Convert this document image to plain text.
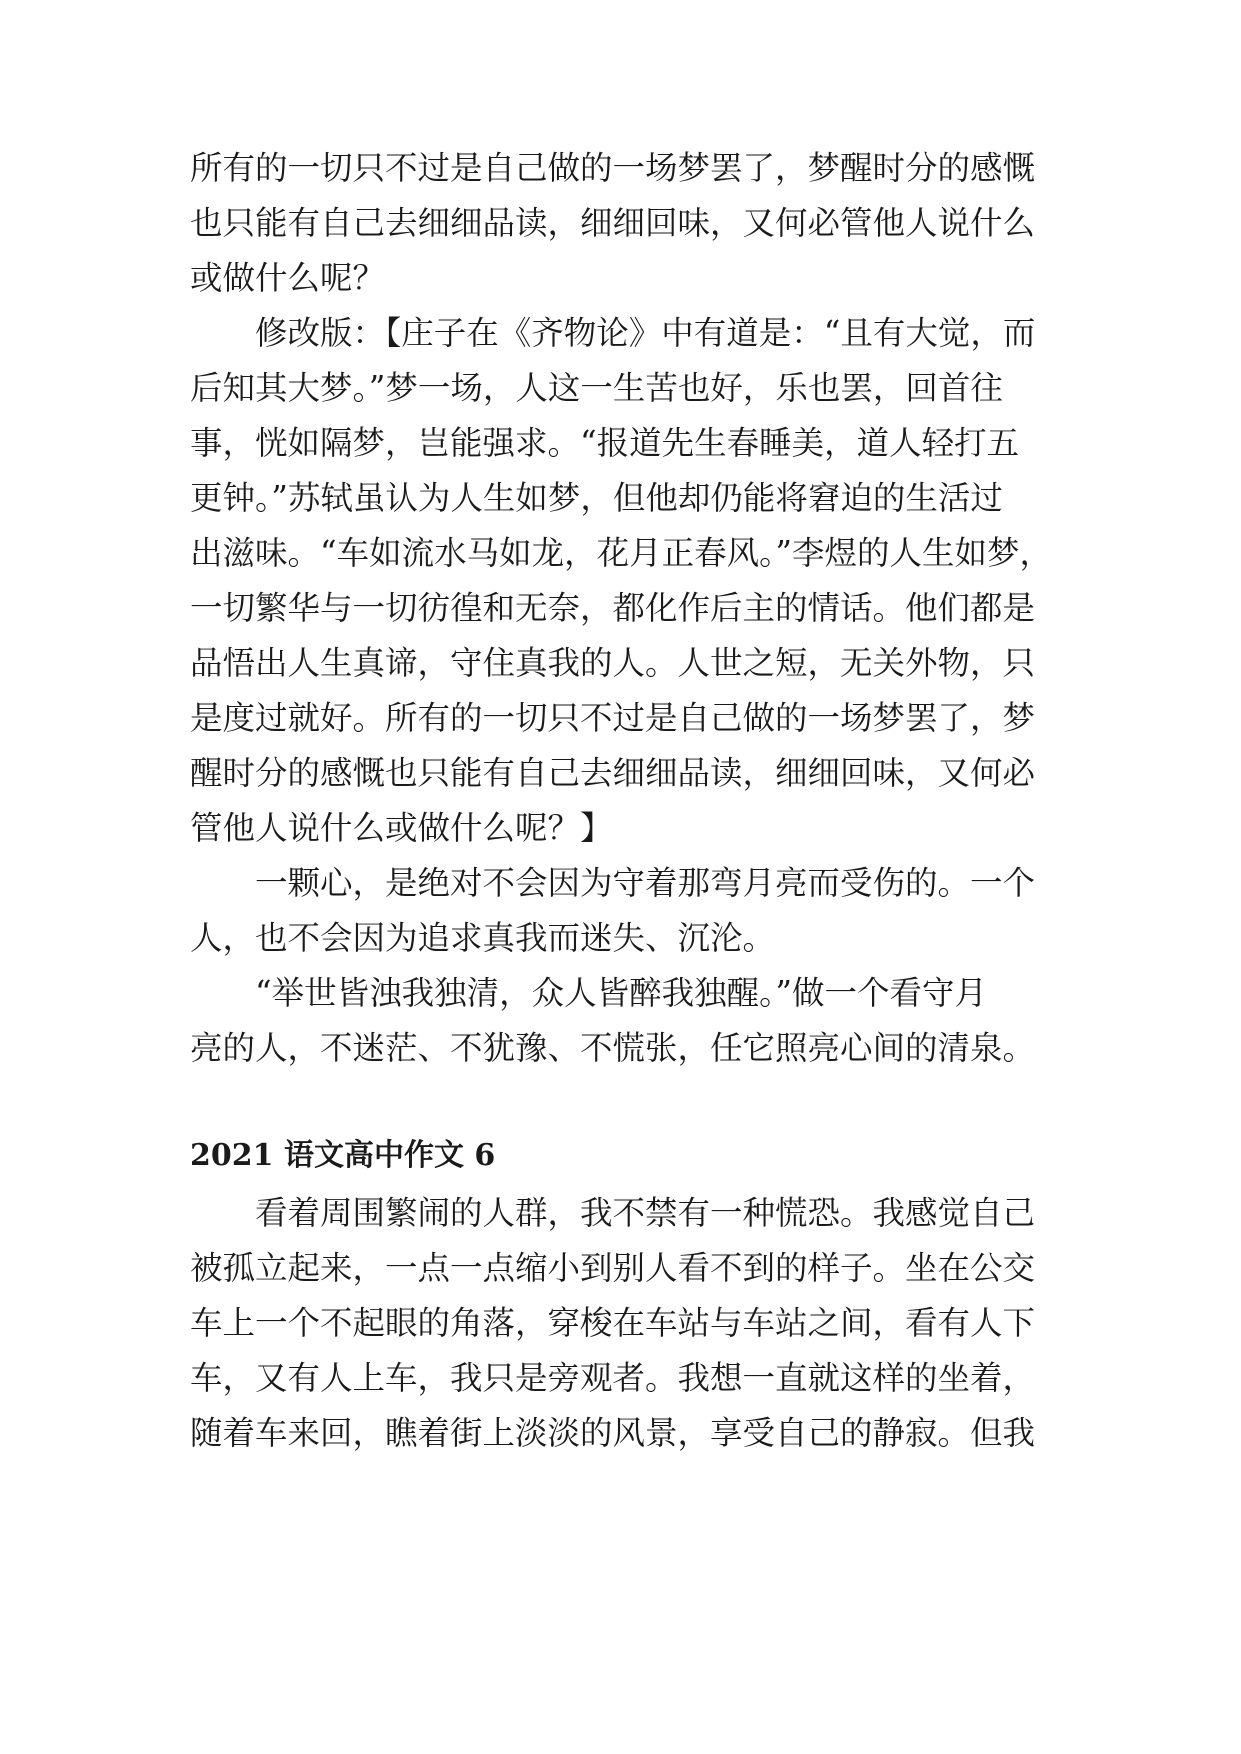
所有的一切只不过是自己做的一场梦罢了，梦醒时分的感慨

也只能有自己去细细品读，细细回味，又何必管他人说什么

或做什么呢？

　　修改版：【庄子在《齐物论》中有道是：“且有大觉，而

后知其大梦。”梦一场，人这一生苦也好，乐也罢，回首往

事，恍如隔梦，岂能强求。“报道先生春睡美，道人轻打五

更钟。”苏轼虽认为人生如梦，但他却仍能将窘迫的生活过

出滋味。“车如流水马如龙，花月正春风。”李煜的人生如梦，

一切繁华与一切彷徨和无奈，都化作后主的情话。他们都是

品悟出人生真谛，守住真我的人。人世之短，无关外物，只

是度过就好。所有的一切只不过是自己做的一场梦罢了，梦

醒时分的感慨也只能有自己去细细品读，细细回味，又何必

管他人说什么或做什么呢？】

　　一颗心，是绝对不会因为守着那弯月亮而受伤的。一个

人，也不会因为追求真我而迷失、沉沦。

　　“举世皆浊我独清，众人皆醉我独醒。”做一个看守月

亮的人，不迷茫、不犹豫、不慌张，任它照亮心间的清泉。

2021 语文高中作文 6

　　看着周围繁闹的人群，我不禁有一种慌恐。我感觉自己

被孤立起来，一点一点缩小到别人看不到的样子。坐在公交

车上一个不起眼的角落，穿梭在车站与车站之间，看有人下

车，又有人上车，我只是旁观者。我想一直就这样的坐着，

随着车来回，瞧着街上淡淡的风景，享受自己的静寂。但我
